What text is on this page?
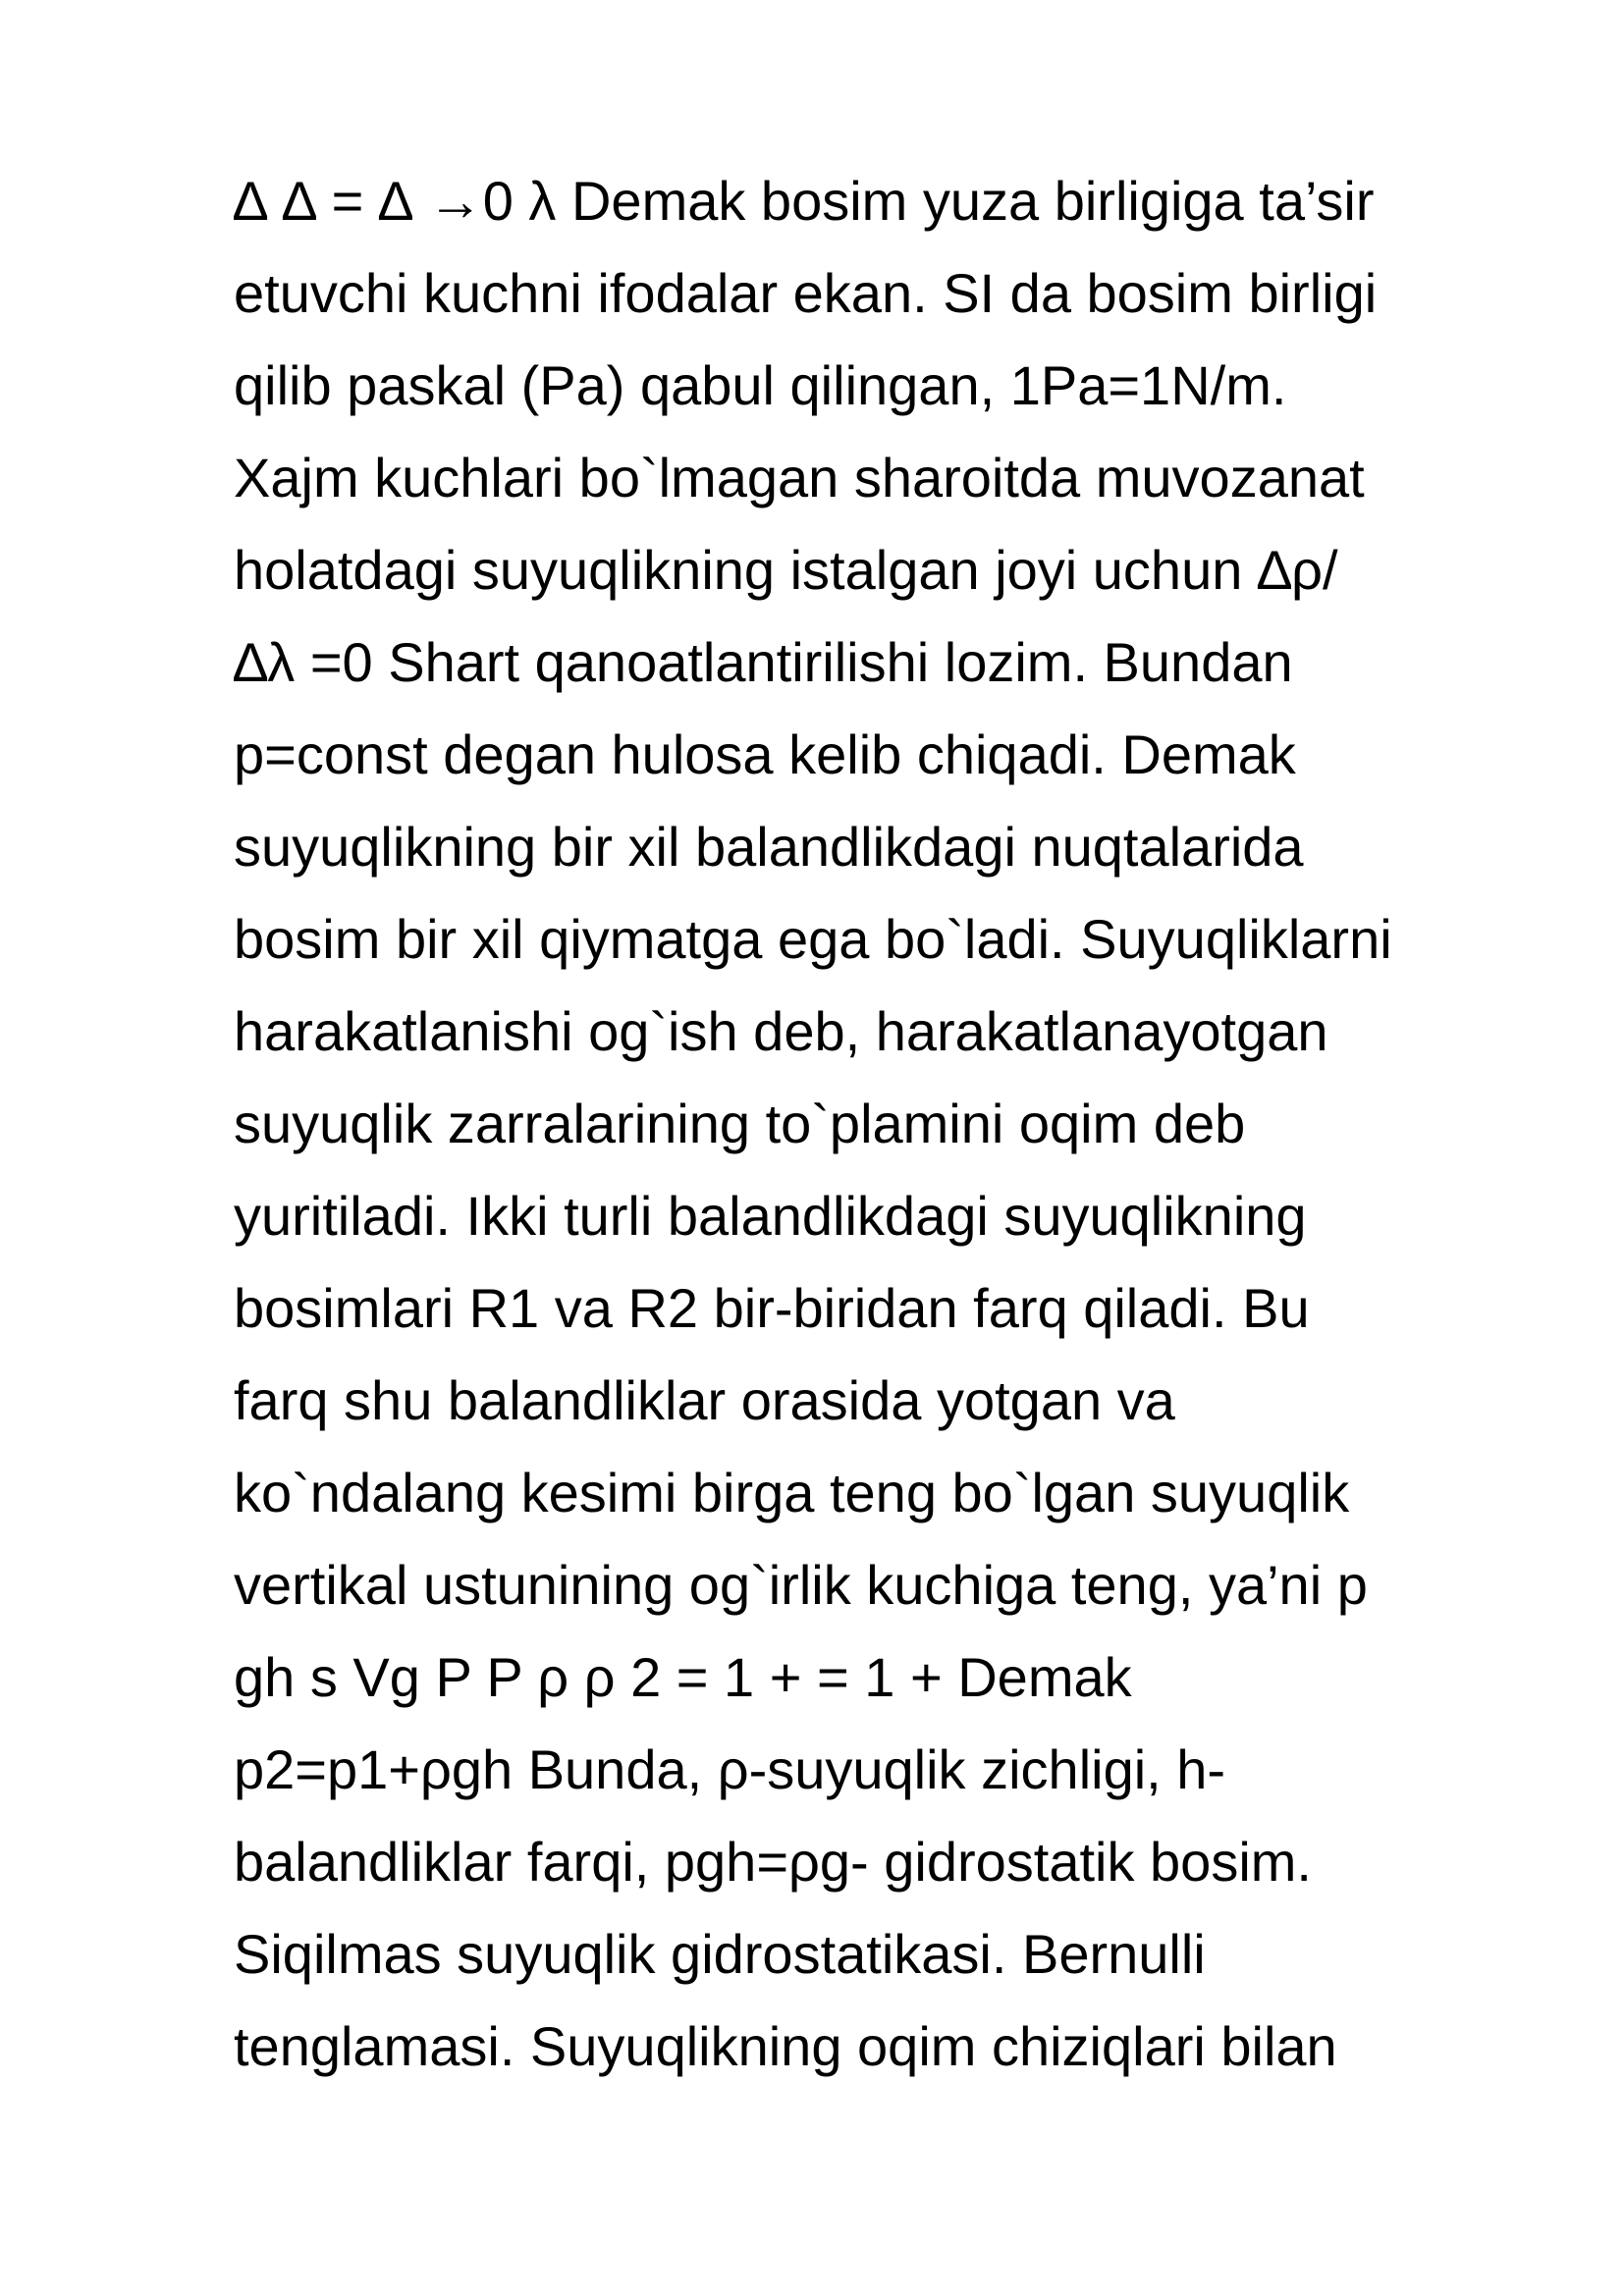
∆ ∆ = ∆ →0 λ Demak bosim yuza birligiga ta’sir
etuvchi kuchni ifodalar ekan. SI da bosim birligi
qilib paskal (Pa) qabul qilingan, 1Pa=1N/m.
Xajm kuchlari bo`lmagan sharoitda muvozanat
holatdagi suyuqlikning istalgan joyi uchun ∆ρ/
∆λ =0 Shart qanoatlantirilishi lozim. Bundan
p=const degan hulosa kelib chiqadi. Demak
suyuqlikning bir xil balandlikdagi nuqtalarida
bosim bir xil qiymatga ega bo`ladi. Suyuqliklarni
harakatlanishi og`ish deb, harakatlanayotgan
suyuqlik zarralarining to`plamini oqim deb
yuritiladi. Ikki turli balandlikdagi suyuqlikning
bosimlari R1 va R2 bir-biridan farq qiladi. Bu
farq shu balandliklar orasida yotgan va
ko`ndalang kesimi birga teng bo`lgan suyuqlik
vertikal ustunining og`irlik kuchiga teng, ya’ni p
gh s Vg P P ρ ρ 2 = 1 + = 1 + Demak
p2=p1+ρgh Bunda, ρ-suyuqlik zichligi, h-
balandliklar farqi, pgh=ρg- gidrostatik bosim.
Siqilmas suyuqlik gidrostatikasi. Bernulli
tenglamasi. Suyuqlikning oqim chiziqlari bilan
